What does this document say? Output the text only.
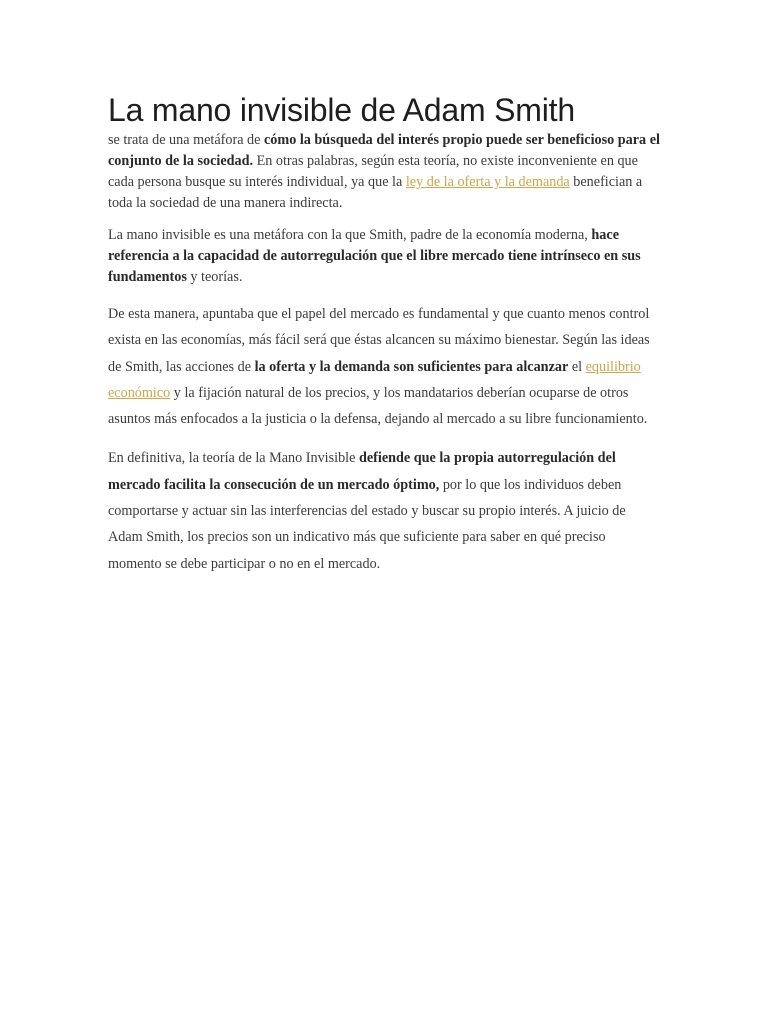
La mano invisible de Adam Smith

se trata de una metáfora de cómo la búsqueda del interés propio puede ser beneficioso para el conjunto de la sociedad. En otras palabras, según esta teoría, no existe inconveniente en que cada persona busque su interés individual, ya que la ley de la oferta y la demanda benefician a toda la sociedad de una manera indirecta.

La mano invisible es una metáfora con la que Smith, padre de la economía moderna, hace referencia a la capacidad de autorregulación que el libre mercado tiene intrínseco en sus fundamentos y teorías.

De esta manera, apuntaba que el papel del mercado es fundamental y que cuanto menos control exista en las economías, más fácil será que éstas alcancen su máximo bienestar. Según las ideas de Smith, las acciones de la oferta y la demanda son suficientes para alcanzar el equilibrio económico y la fijación natural de los precios, y los mandatarios deberían ocuparse de otros asuntos más enfocados a la justicia o la defensa, dejando al mercado a su libre funcionamiento.

En definitiva, la teoría de la Mano Invisible defiende que la propia autorregulación del mercado facilita la consecución de un mercado óptimo, por lo que los individuos deben comportarse y actuar sin las interferencias del estado y buscar su propio interés. A juicio de Adam Smith, los precios son un indicativo más que suficiente para saber en qué preciso momento se debe participar o no en el mercado.
